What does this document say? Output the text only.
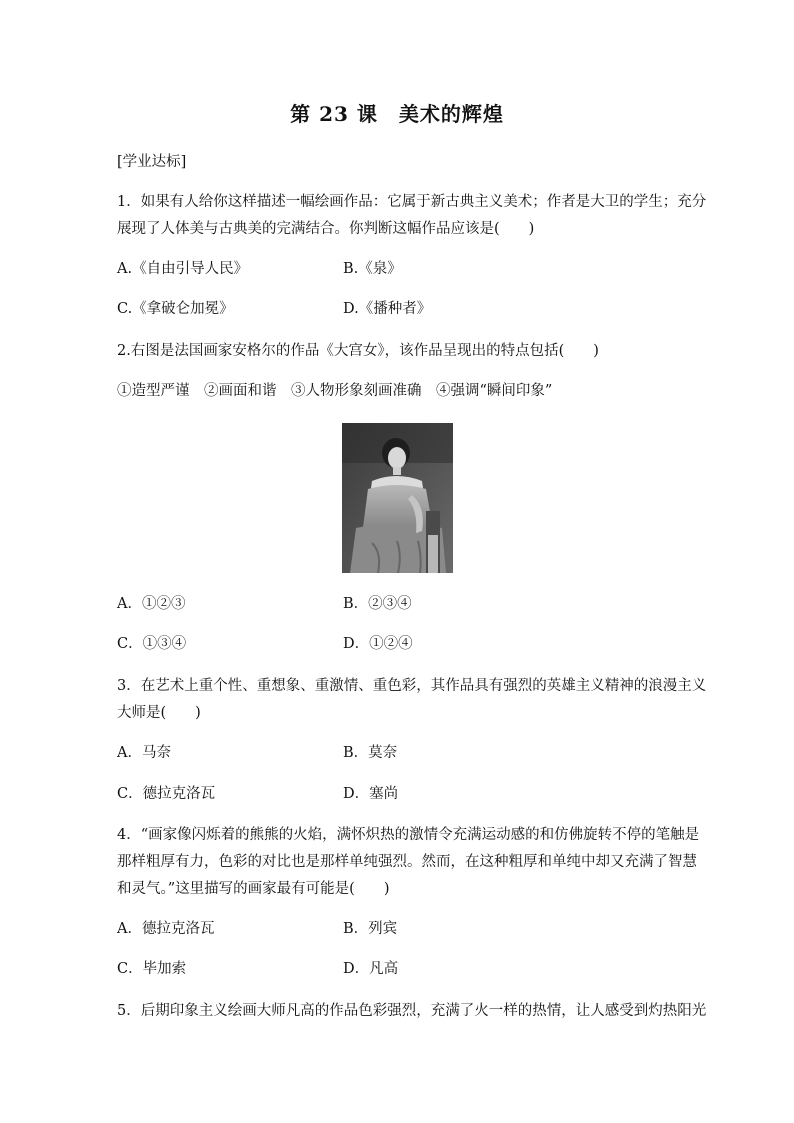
第 23 课　美术的辉煌
[学业达标]
1．如果有人给你这样描述一幅绘画作品：它属于新古典主义美术；作者是大卫的学生；充分
展现了人体美与古典美的完满结合。你判断这幅作品应该是(　　)
A.《自由引导人民》	B.《泉》
C.《拿破仑加冕》	D.《播种者》
2.右图是法国画家安格尔的作品《大宫女》，该作品呈现出的特点包括(　　)
①造型严谨　②画面和谐　③人物形象刻画准确　④强调“瞬间印象”
A．①②③	B．②③④
C．①③④	D．①②④
3．在艺术上重个性、重想象、重激情、重色彩，其作品具有强烈的英雄主义精神的浪漫主义
大师是(　　)
A．马奈	B．莫奈
C．德拉克洛瓦	D．塞尚
4．“画家像闪烁着的熊熊的火焰，满怀炽热的激情令充满运动感的和仿佛旋转不停的笔触是
那样粗厚有力，色彩的对比也是那样单纯强烈。然而，在这种粗厚和单纯中却又充满了智慧
和灵气。”这里描写的画家最有可能是(　　)
A．德拉克洛瓦	B．列宾
C．毕加索	D．凡高
5．后期印象主义绘画大师凡高的作品色彩强烈，充满了火一样的热情，让人感受到灼热阳光
